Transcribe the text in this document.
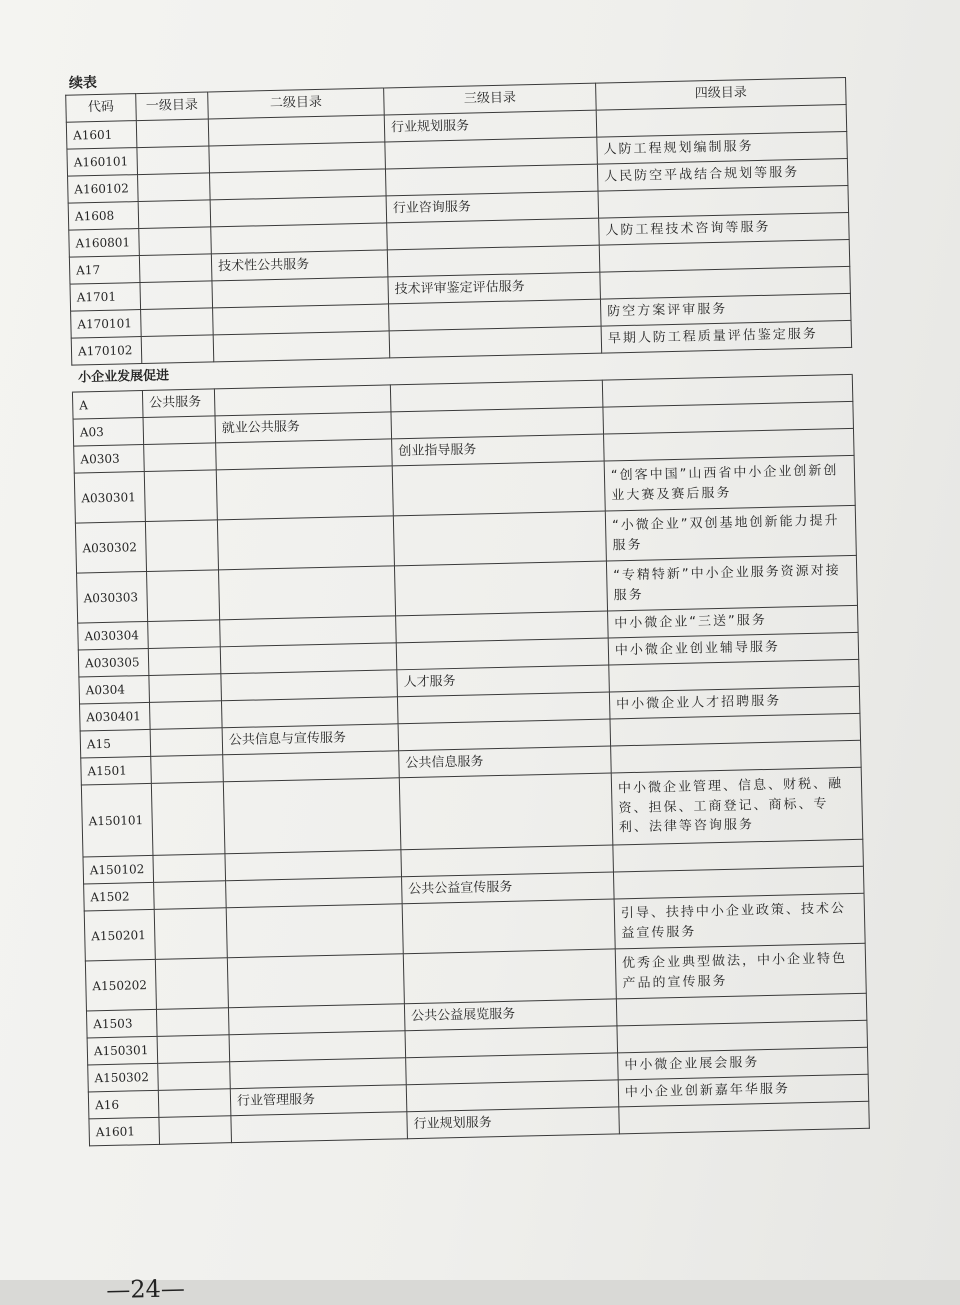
续表
代码	一级目录	二级目录	三级目录	四级目录
A1601			行业规划服务	
A160101				人防工程规划编制服务
A160102				人民防空平战结合规划等服务
A1608			行业咨询服务	
A160801				人防工程技术咨询等服务
A17		技术性公共服务		
A1701			技术评审鉴定评估服务	
A170101				防空方案评审服务
A170102				早期人防工程质量评估鉴定服务
小企业发展促进				
A	公共服务			
A03		就业公共服务		
A0303			创业指导服务	
A030301				“创客中国”山西省中小企业创新创业大赛及赛后服务
A030302				“小微企业”双创基地创新能力提升服务
A030303				“专精特新”中小企业服务资源对接服务
A030304				中小微企业“三送”服务
A030305				中小微企业创业辅导服务
A0304			人才服务	
A030401				中小微企业人才招聘服务
A15		公共信息与宣传服务		
A1501			公共信息服务	
A150101				中小微企业管理、信息、财税、融资、担保、工商登记、商标、专利、法律等咨询服务
A150102				
A1502			公共公益宣传服务	
A150201				引导、扶持中小企业政策、技术公益宣传服务
A150202				优秀企业典型做法，中小企业特色产品的宣传服务
A1503			公共公益展览服务	
A150301				
A150302				中小微企业展会服务
A16		行业管理服务		中小企业创新嘉年华服务
A1601			行业规划服务	
—24—
